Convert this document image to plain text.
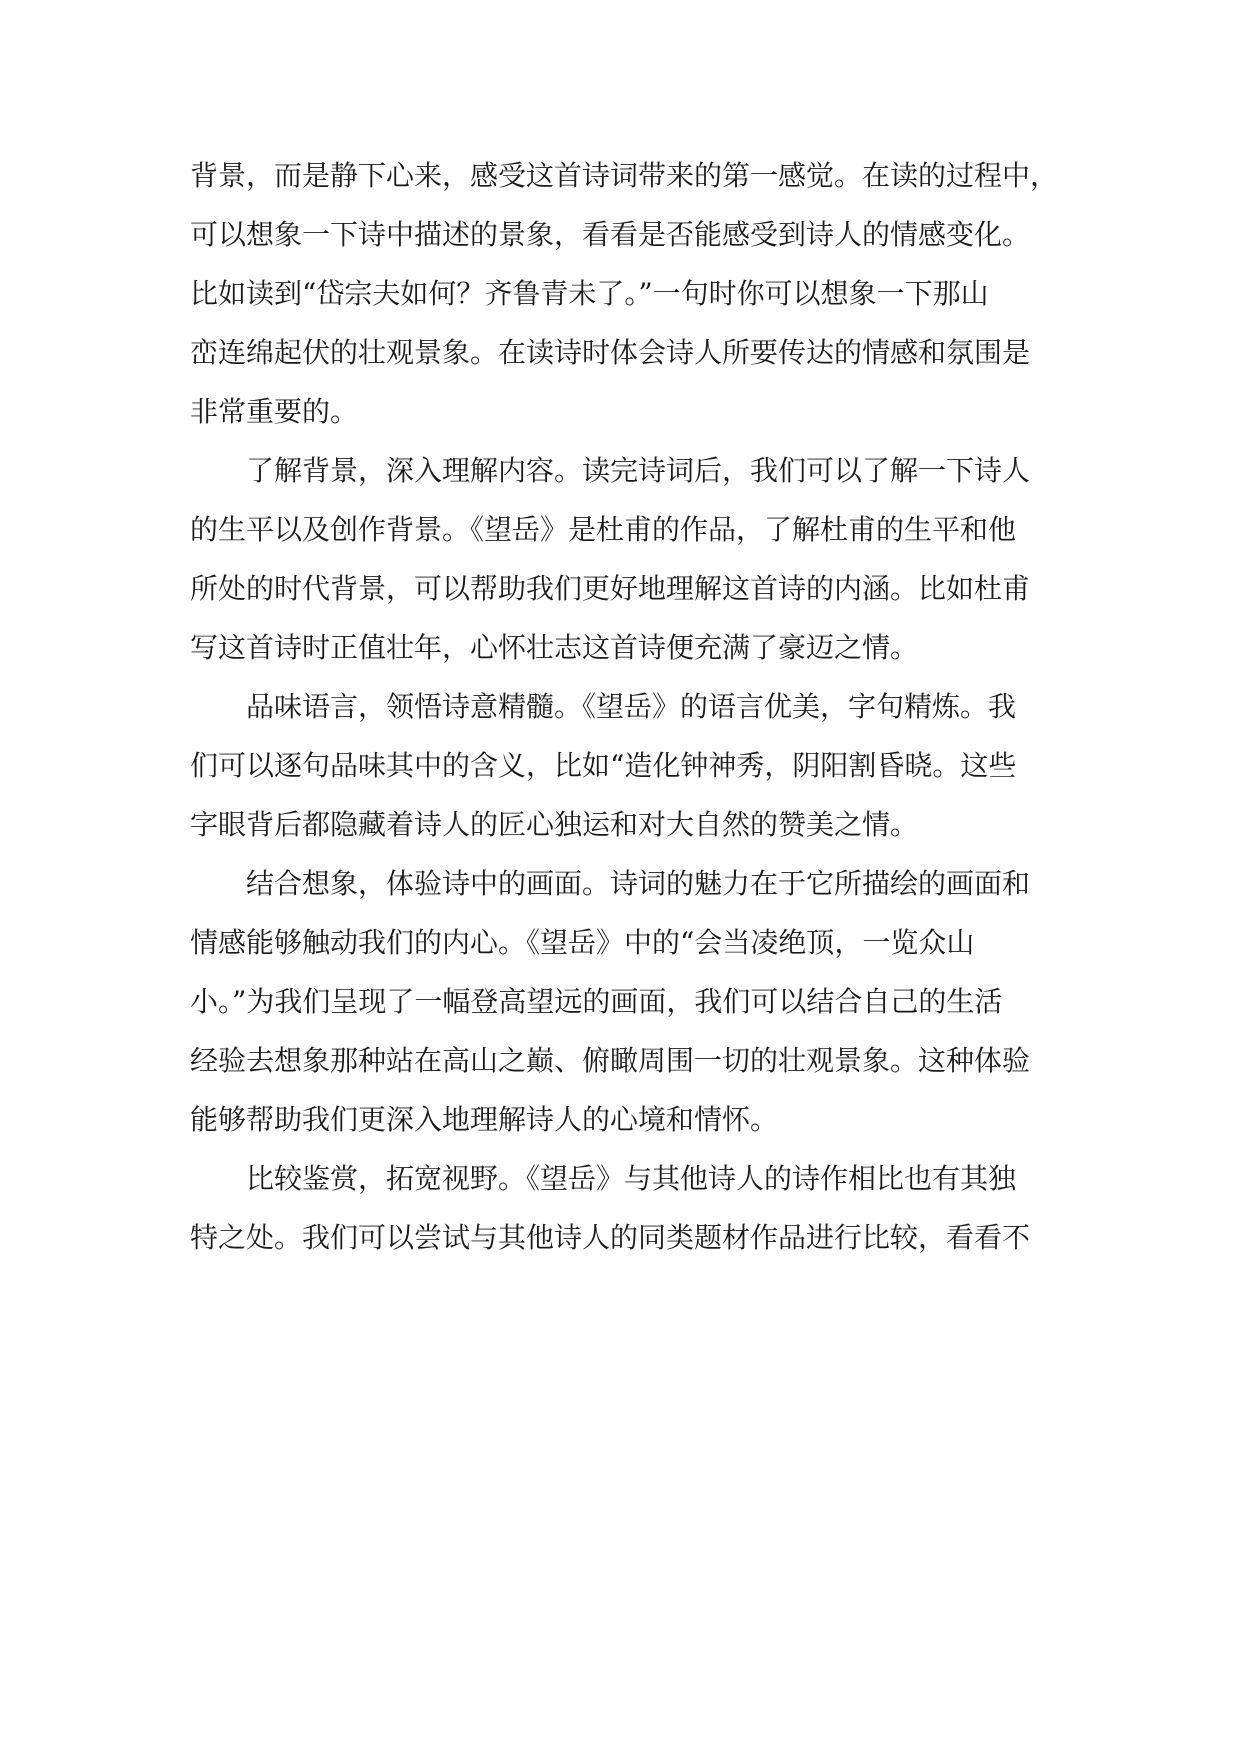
背景，而是静下心来，感受这首诗词带来的第一感觉。在读的过程中，
可以想象一下诗中描述的景象，看看是否能感受到诗人的情感变化。
比如读到“岱宗夫如何？齐鲁青未了。”一句时你可以想象一下那山
峦连绵起伏的壮观景象。在读诗时体会诗人所要传达的情感和氛围是
非常重要的。
了解背景，深入理解内容。读完诗词后，我们可以了解一下诗人
的生平以及创作背景。《望岳》是杜甫的作品，了解杜甫的生平和他
所处的时代背景，可以帮助我们更好地理解这首诗的内涵。比如杜甫
写这首诗时正值壮年，心怀壮志这首诗便充满了豪迈之情。
品味语言，领悟诗意精髓。《望岳》的语言优美，字句精炼。我
们可以逐句品味其中的含义，比如“造化钟神秀，阴阳割昏晓。这些
字眼背后都隐藏着诗人的匠心独运和对大自然的赞美之情。
结合想象，体验诗中的画面。诗词的魅力在于它所描绘的画面和
情感能够触动我们的内心。《望岳》中的“会当凌绝顶，一览众山
小。”为我们呈现了一幅登高望远的画面，我们可以结合自己的生活
经验去想象那种站在高山之巅、俯瞰周围一切的壮观景象。这种体验
能够帮助我们更深入地理解诗人的心境和情怀。
比较鉴赏，拓宽视野。《望岳》与其他诗人的诗作相比也有其独
特之处。我们可以尝试与其他诗人的同类题材作品进行比较，看看不
